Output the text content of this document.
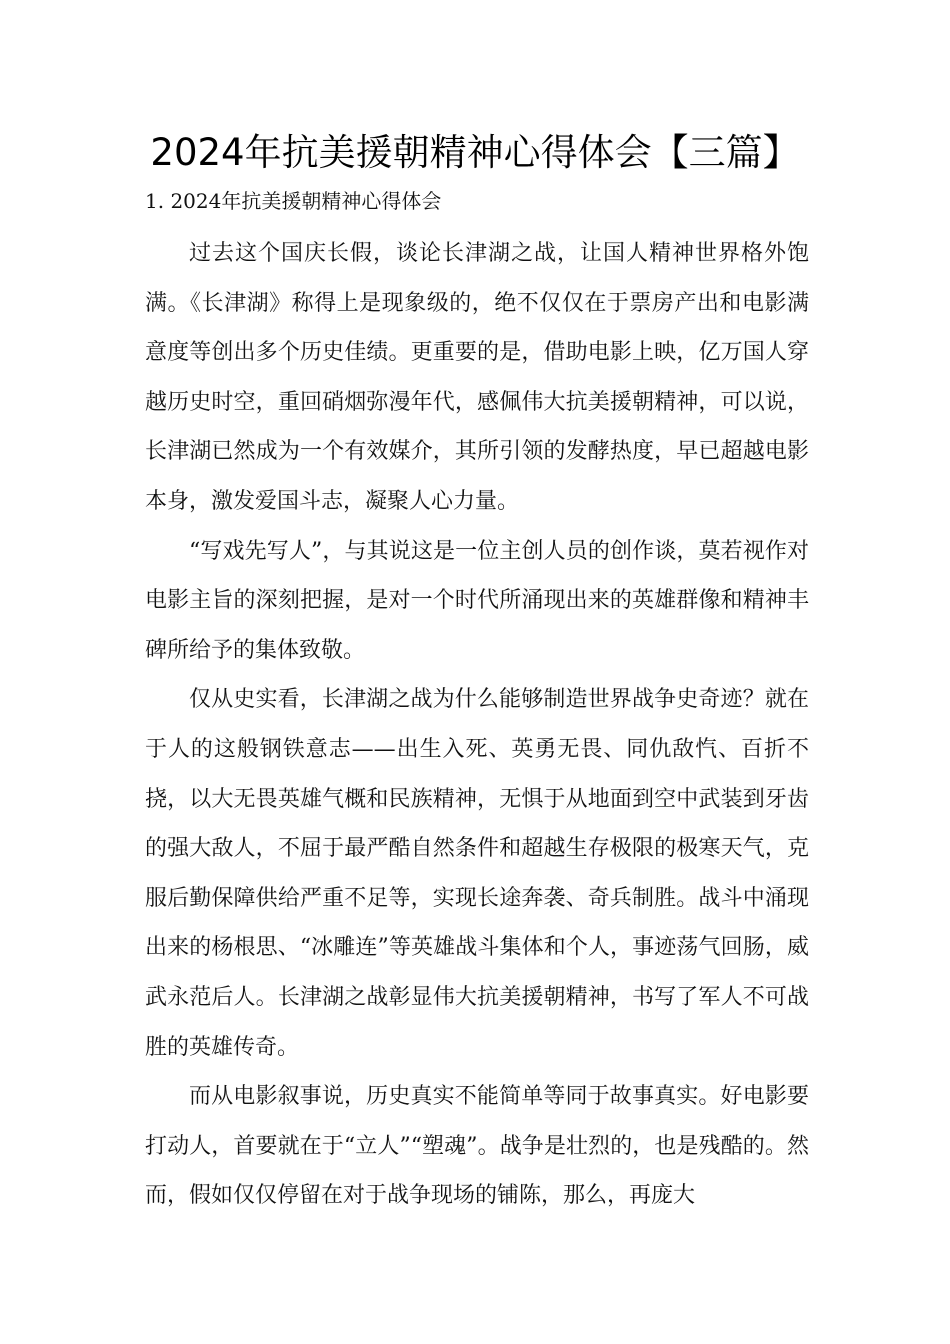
2024年抗美援朝精神心得体会【三篇】
1. 2024年抗美援朝精神心得体会

过去这个国庆长假，谈论长津湖之战，让国人精神世界格外饱满。《长津湖》称得上是现象级的，绝不仅仅在于票房产出和电影满意度等创出多个历史佳绩。更重要的是，借助电影上映，亿万国人穿越历史时空，重回硝烟弥漫年代，感佩伟大抗美援朝精神，可以说，长津湖已然成为一个有效媒介，其所引领的发酵热度，早已超越电影本身，激发爱国斗志，凝聚人心力量。

“写戏先写人”，与其说这是一位主创人员的创作谈，莫若视作对电影主旨的深刻把握，是对一个时代所涌现出来的英雄群像和精神丰碑所给予的集体致敬。

仅从史实看，长津湖之战为什么能够制造世界战争史奇迹？就在于人的这般钢铁意志——出生入死、英勇无畏、同仇敌忾、百折不挠，以大无畏英雄气概和民族精神，无惧于从地面到空中武装到牙齿的强大敌人，不屈于最严酷自然条件和超越生存极限的极寒天气，克服后勤保障供给严重不足等，实现长途奔袭、奇兵制胜。战斗中涌现出来的杨根思、“冰雕连”等英雄战斗集体和个人，事迹荡气回肠，威武永范后人。长津湖之战彰显伟大抗美援朝精神，书写了军人不可战胜的英雄传奇。

而从电影叙事说，历史真实不能简单等同于故事真实。好电影要打动人，首要就在于“立人”“塑魂”。战争是壮烈的，也是残酷的。然而，假如仅仅停留在对于战争现场的铺陈，那么，再庞大
